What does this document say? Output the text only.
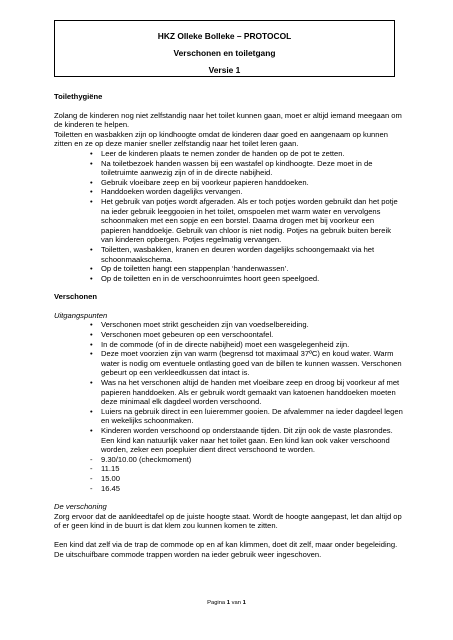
HKZ Olleke Bolleke – PROTOCOL
Verschonen en toiletgang
Versie 1

Toilethygiëne

Zolang de kinderen nog niet zelfstandig naar het toilet kunnen gaan, moet er altijd iemand meegaan om de kinderen te helpen.

Toiletten en wasbakken zijn op kindhoogte omdat de kinderen daar goed en aangenaam op kunnen zitten en ze op deze manier sneller zelfstandig naar het toilet leren gaan.

• Leer de kinderen plaats te nemen zonder de handen op de pot te zetten.
• Na toiletbezoek handen wassen bij een wastafel op kindhoogte. Deze moet in de toiletruimte aanwezig zijn of in de directe nabijheid.
• Gebruik vloeibare zeep en bij voorkeur papieren handdoeken.
• Handdoeken worden dagelijks vervangen.
• Het gebruik van potjes wordt afgeraden. Als er toch potjes worden gebruikt dan het potje na ieder gebruik leeggooien in het toilet, omspoelen met warm water en vervolgens schoonmaken met een sopje en een borstel. Daarna drogen met bij voorkeur een papieren handdoekje. Gebruik van chloor is niet nodig. Potjes na gebruik buiten bereik van kinderen opbergen. Potjes regelmatig vervangen.
• Toiletten, wasbakken, kranen en deuren worden dagelijks schoongemaakt via het schoonmaakschema.
• Op de toiletten hangt een stappenplan ‘handenwassen’.
• Op de toiletten en in de verschoonruimtes hoort geen speelgoed.

Verschonen

Uitgangspunten

• Verschonen moet strikt gescheiden zijn van voedselbereiding.
• Verschonen moet gebeuren op een verschoontafel.
• In de commode (of in de directe nabijheid) moet een wasgelegenheid zijn.
• Deze moet voorzien zijn van warm (begrensd tot maximaal 37ºC) en koud water. Warm water is nodig om eventuele ontlasting goed van de billen te kunnen wassen. Verschonen gebeurt op een verkleedkussen dat intact is.
• Was na het verschonen altijd de handen met vloeibare zeep en droog bij voorkeur af met papieren handdoeken. Als er gebruik wordt gemaakt van katoenen handdoeken moeten deze minimaal elk dagdeel worden verschoond.
• Luiers na gebruik direct in een luieremmer gooien. De afvalemmer na ieder dagdeel legen en wekelijks schoonmaken.
• Kinderen worden verschoond op onderstaande tijden. Dit zijn ook de vaste plasrondes. Een kind kan natuurlijk vaker naar het toilet gaan. Een kind kan ook vaker verschoond worden, zeker een poepluier dient direct verschoond te worden.
- 9.30/10.00 (checkmoment)
- 11.15
- 15.00
- 16.45

De verschoning

Zorg ervoor dat de aankleedtafel op de juiste hoogte staat. Wordt de hoogte aangepast, let dan altijd op of er geen kind in de buurt is dat klem zou kunnen komen te zitten.

Een kind dat zelf via de trap de commode op en af kan klimmen, doet dit zelf, maar onder begeleiding. De uitschuifbare commode trappen worden na ieder gebruik weer ingeschoven.

Pagina 1 van 1
